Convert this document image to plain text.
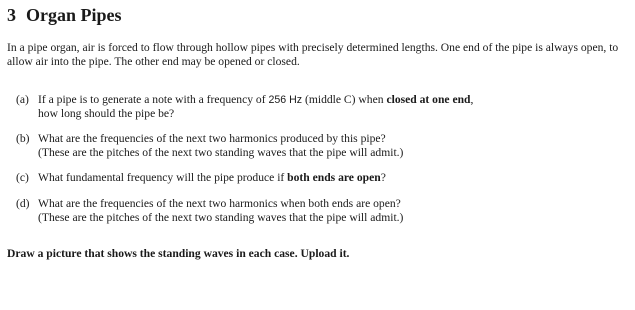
3 Organ Pipes
In a pipe organ, air is forced to flow through hollow pipes with precisely determined lengths. One end of the pipe is always open, to allow air into the pipe. The other end may be opened or closed.
(a) If a pipe is to generate a note with a frequency of 256 Hz (middle C) when closed at one end,
how long should the pipe be?
(b) What are the frequencies of the next two harmonics produced by this pipe?
(These are the pitches of the next two standing waves that the pipe will admit.)
(c) What fundamental frequency will the pipe produce if both ends are open?
(d) What are the frequencies of the next two harmonics when both ends are open?
(These are the pitches of the next two standing waves that the pipe will admit.)
Draw a picture that shows the standing waves in each case. Upload it.
